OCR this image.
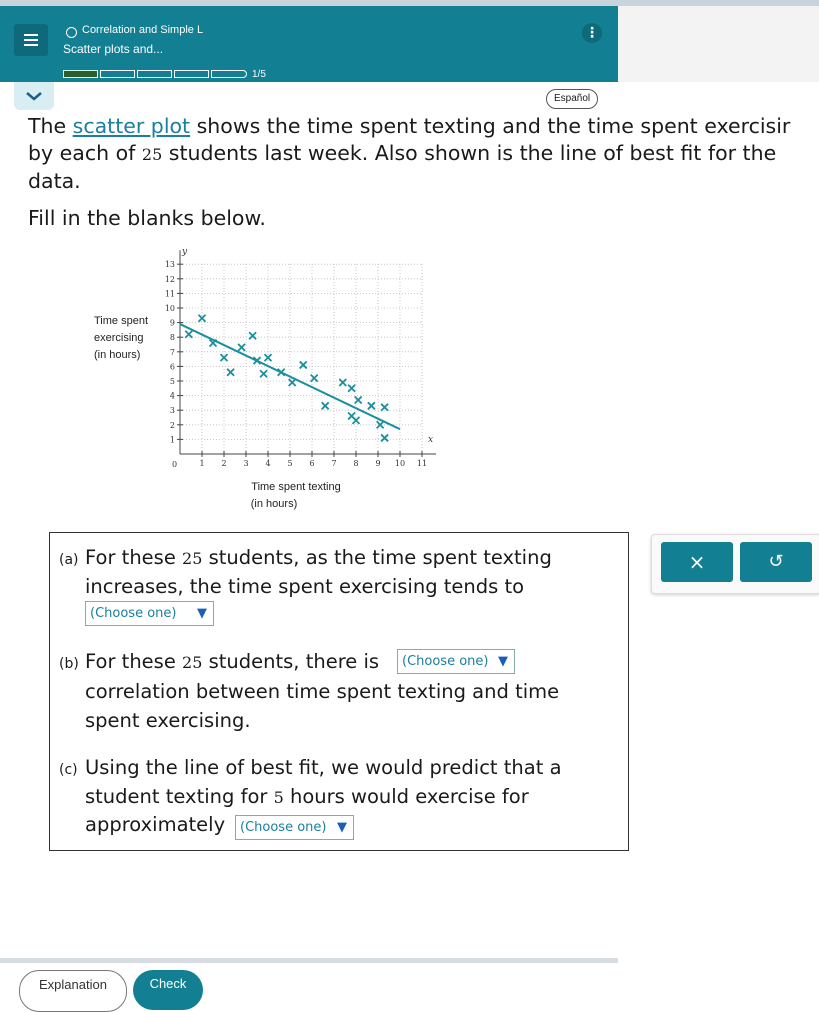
Correlation and Simple L
Scatter plots and...
⋮
1/5
Español
The scatter plot shows the time spent texting and the time spent exercisir
by each of 25 students last week. Also shown is the line of best fit for the
data.
Fill in the blanks below.
1 2 3 4 5 6 7 8 9 10 11
1
2
3
4
5
6
7
8
9
10
11
12
13
0
y
x
Time spent
exercising
(in hours)
Time spent texting
(in hours)
(a) For these 25 students, as the time spent texting
increases, the time spent exercising tends to
(Choose one) ▼
(b) For these 25 students, there is	(Choose one) ▼
correlation between time spent texting and time
spent exercising.
(c) Using the line of best fit, we would predict that a
student texting for 5 hours would exercise for
approximately	(Choose one) ▼
×	↺
Explanation	Check
